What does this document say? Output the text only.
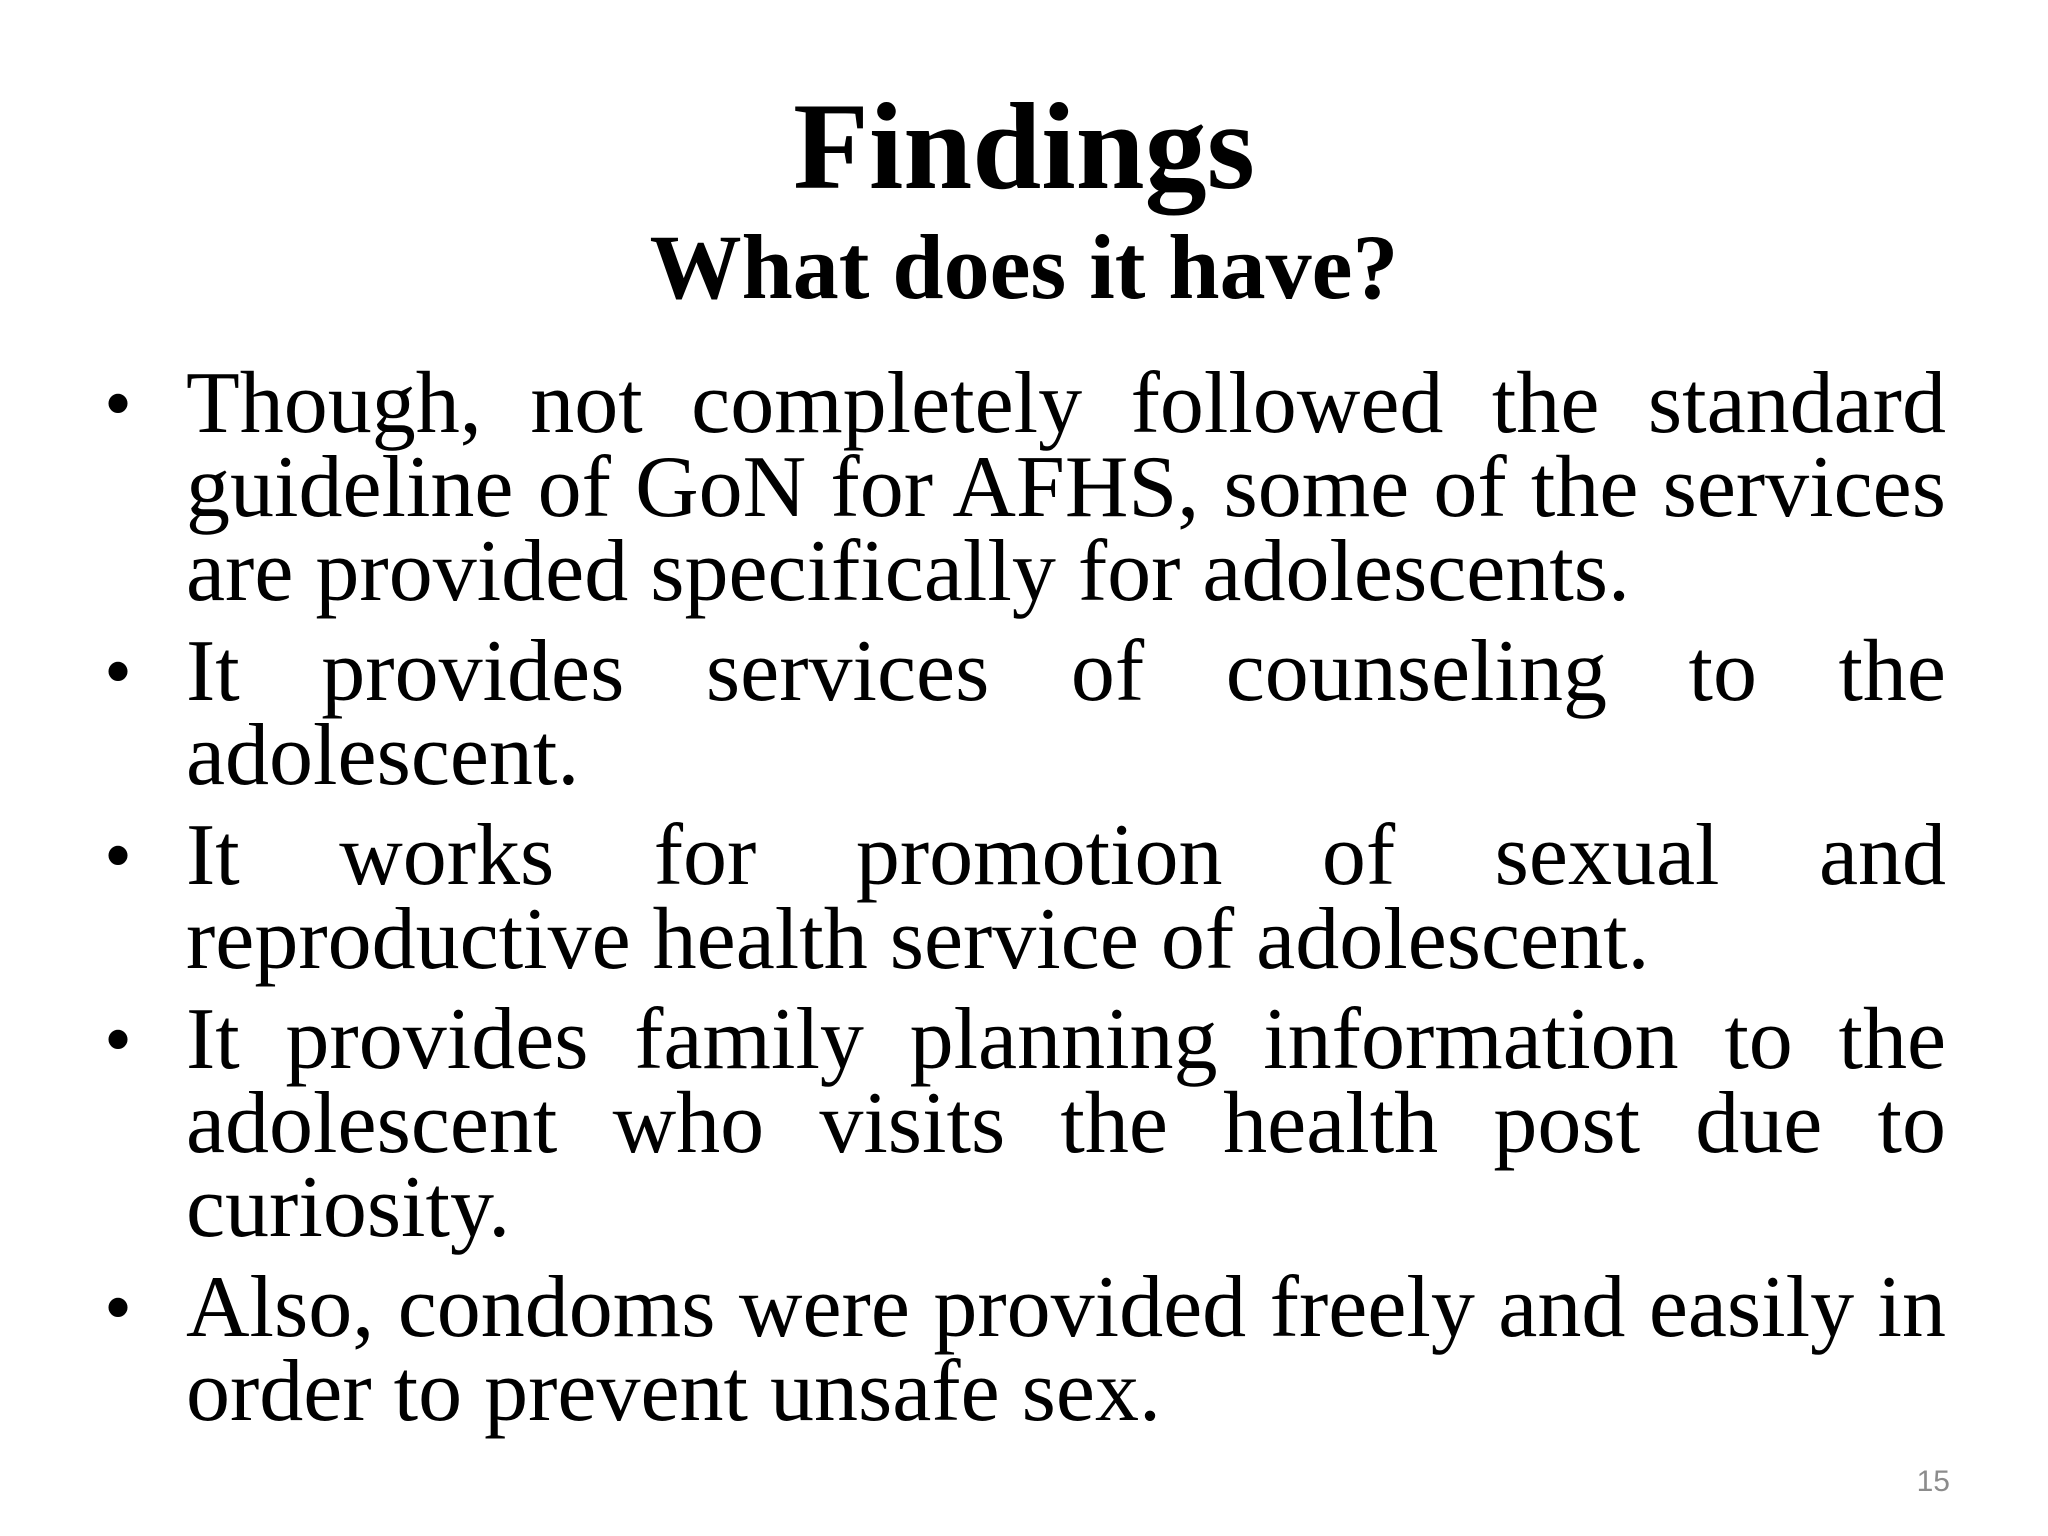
Findings
What does it have?
• Though, not completely followed the standard guideline of GoN for AFHS, some of the services are provided specifically for adolescents.
• It provides services of counseling to the adolescent.
• It works for promotion of sexual and reproductive health service of adolescent.
• It provides family planning information to the adolescent who visits the health post due to curiosity.
• Also, condoms were provided freely and easily in order to prevent unsafe sex.
15
